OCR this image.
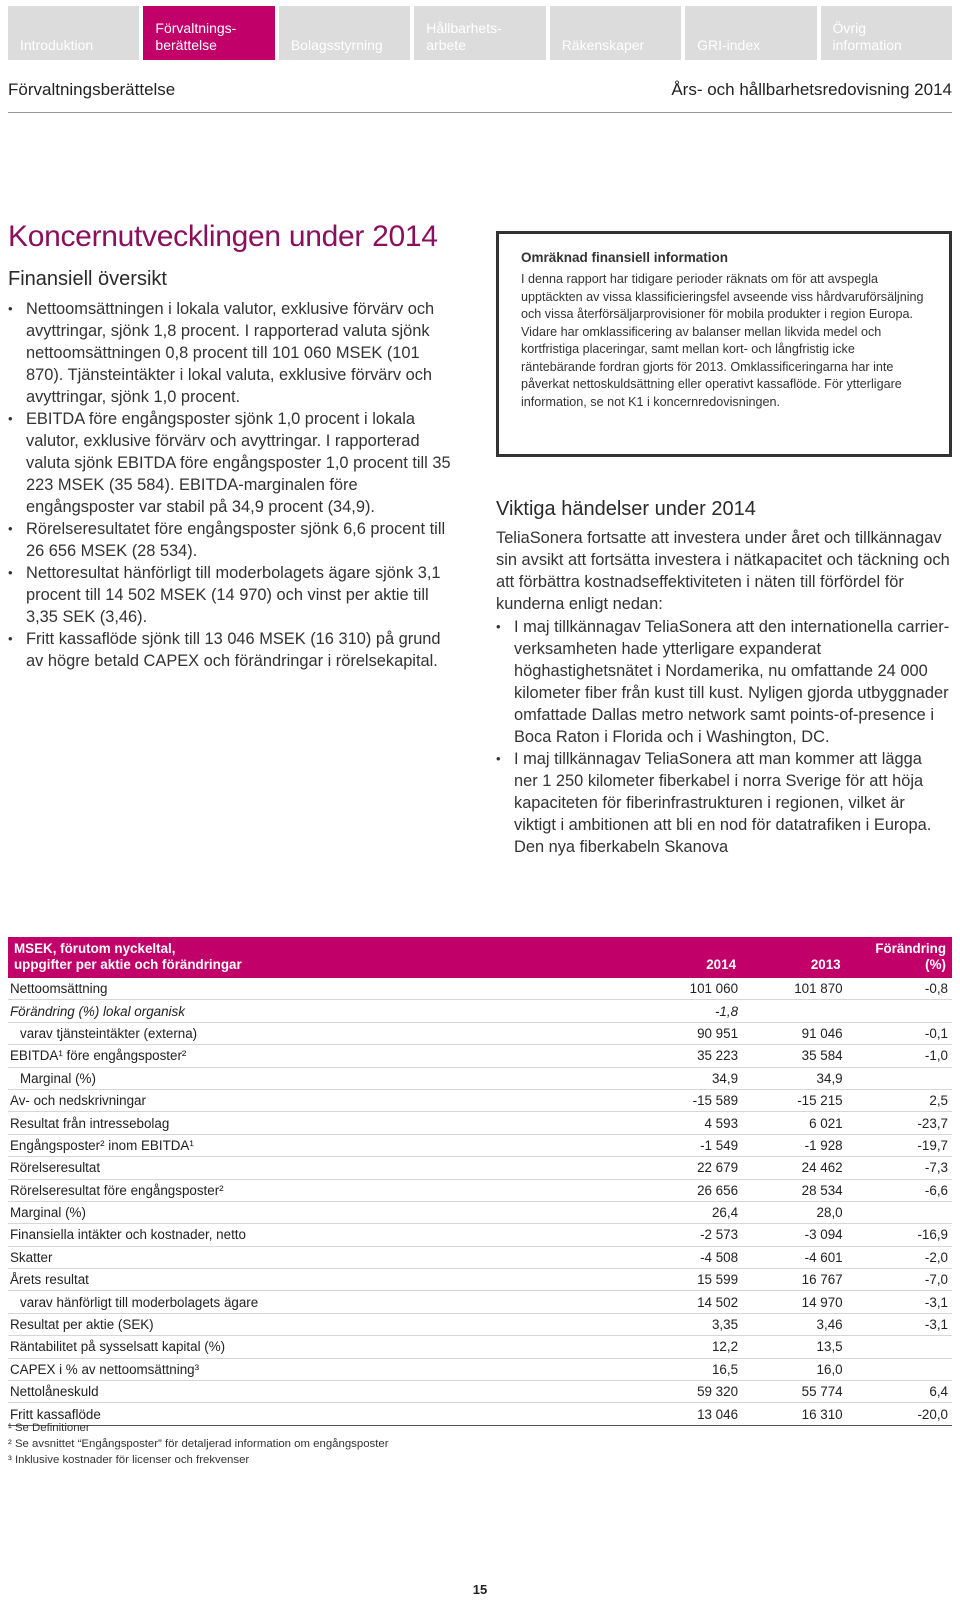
Introduktion
Förvaltnings-
berättelse	Bolagsstyrning
Hållbarhets-
arbete	Räkenskaper	GRI-index
Övrig
information
Förvaltningsberättelse	Års- och hållbarhetsredovisning 2014
Koncernutvecklingen under 2014
Finansiell översikt
• Nettoomsättningen i lokala valutor, exklusive förvärv och avyttringar, sjönk 1,8 procent. I rapporterad valuta sjönk nettoomsättningen 0,8 procent till 101 060 MSEK (101 870). Tjänsteintäkter i lokal valuta, exklusive förvärv och avyttringar, sjönk 1,0 procent.
• EBITDA före engångsposter sjönk 1,0 procent i lokala valutor, exklusive förvärv och avyttringar. I rapporterad valuta sjönk EBITDA före engångsposter 1,0 procent till 35 223 MSEK (35 584). EBITDA-marginalen före engångsposter var stabil på 34,9 procent (34,9).
• Rörelseresultatet före engångsposter sjönk 6,6 procent till 26 656 MSEK (28 534).
• Nettoresultat hänförligt till moderbolagets ägare sjönk 3,1 procent till 14 502 MSEK (14 970) och vinst per aktie till 3,35 SEK (3,46).
• Fritt kassaflöde sjönk till 13 046 MSEK (16 310) på grund av högre betald CAPEX och förändringar i rörelsekapital.
Omräknad finansiell information
I denna rapport har tidigare perioder räknats om för att avspegla upptäckten av vissa klassificieringsfel avseende viss hårdvaruförsäljning och vissa återförsäljarprovisioner för mobila produkter i region Europa. Vidare har omklassificering av balanser mellan likvida medel och kortfristiga placeringar, samt mellan kort- och långfristig icke räntebärande fordran gjorts för 2013. Omklassificeringarna har inte påverkat nettoskuldsättning eller operativt kassaflöde. För ytterligare information, se not K1 i koncernredovisningen.
Viktiga händelser under 2014
TeliaSonera fortsatte att investera under året och tillkännagav sin avsikt att fortsätta investera i nätkapacitet och täckning och att förbättra kostnadseffektiviteten i näten till förfördel för kunderna enligt nedan:
• I maj tillkännagav TeliaSonera att den internationella carrier-verksamheten hade ytterligare expanderat höghastighetsnätet i Nordamerika, nu omfattande 24 000 kilometer fiber från kust till kust. Nyligen gjorda utbyggnader omfattade Dallas metro network samt points-of-presence i Boca Raton i Florida och i Washington, DC.
• I maj tillkännagav TeliaSonera att man kommer att lägga ner 1 250 kilometer fiberkabel i norra Sverige för att höja kapaciteten för fiberinfrastrukturen i regionen, vilket är viktigt i ambitionen att bli en nod för datatrafiken i Europa. Den nya fiberkabeln Skanova
MSEK, förutom nyckeltal,
uppgifter per aktie och förändringar	2014	2013	Förändring
(%)
Nettoomsättning	101 060	101 870	-0,8
Förändring (%) lokal organisk	-1,8		
varav tjänsteintäkter (externa)	90 951	91 046	-0,1
EBITDA¹ före engångsposter²	35 223	35 584	-1,0
Marginal (%)	34,9	34,9	
Av- och nedskrivningar	-15 589	-15 215	2,5
Resultat från intressebolag	4 593	6 021	-23,7
Engångsposter² inom EBITDA¹	-1 549	-1 928	-19,7
Rörelseresultat	22 679	24 462	-7,3
Rörelseresultat före engångsposter²	26 656	28 534	-6,6
Marginal (%)	26,4	28,0	
Finansiella intäkter och kostnader, netto	-2 573	-3 094	-16,9
Skatter	-4 508	-4 601	-2,0
Årets resultat	15 599	16 767	-7,0
varav hänförligt till moderbolagets ägare	14 502	14 970	-3,1
Resultat per aktie (SEK)	3,35	3,46	-3,1
Räntabilitet på sysselsatt kapital (%)	12,2	13,5	
CAPEX i % av nettoomsättning³	16,5	16,0	
Nettolåneskuld	59 320	55 774	6,4
Fritt kassaflöde	13 046	16 310	-20,0
¹ Se Definitioner
² Se avsnittet “Engångsposter” för detaljerad information om engångsposter
³ Inklusive kostnader för licenser och frekvenser
15
